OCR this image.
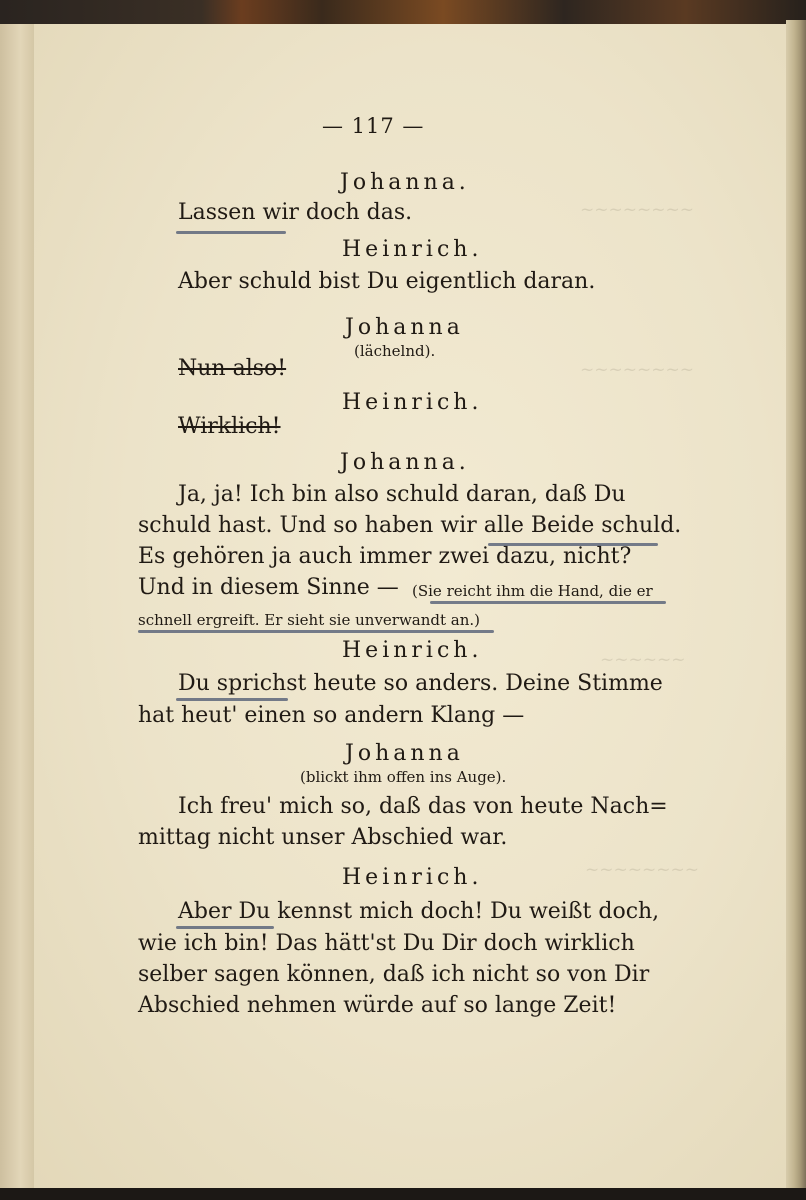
~~~~~~~~
~~~~~~~~
~~~~~~
~~~~~~~~
— 117 —
Johanna.
Lassen wir doch das.
Heinrich.
Aber schuld bist Du eigentlich daran.
Johanna
(lächelnd).
Nun also!
Heinrich.
Wirklich!
Johanna.
Ja, ja! Ich bin also schuld daran, daß Du
schuld hast. Und so haben wir alle Beide schuld.
Es gehören ja auch immer zwei dazu, nicht?
Und in diesem Sinne — (Sie reicht ihm die Hand, die er
schnell ergreift. Er sieht sie unverwandt an.)
Heinrich.
Du sprichst heute so anders. Deine Stimme
hat heut' einen so andern Klang —
Johanna
(blickt ihm offen ins Auge).
Ich freu' mich so, daß das von heute Nach=
mittag nicht unser Abschied war.
Heinrich.
Aber Du kennst mich doch! Du weißt doch,
wie ich bin! Das hätt'st Du Dir doch wirklich
selber sagen können, daß ich nicht so von Dir
Abschied nehmen würde auf so lange Zeit!
